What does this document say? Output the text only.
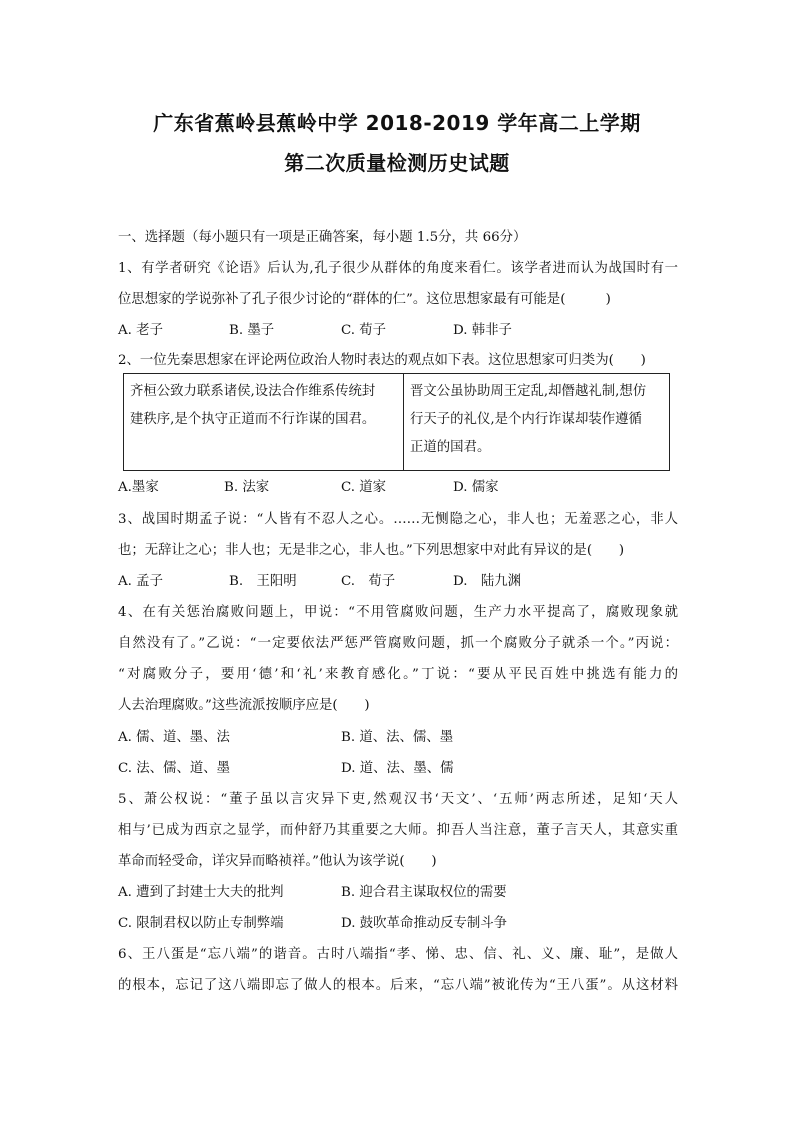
广东省蕉岭县蕉岭中学 2018-2019 学年高二上学期
第二次质量检测历史试题
一、选择题（每小题只有一项是正确答案，每小题 1.5分，共 66分）
1、有学者研究《论语》后认为,孔子很少从群体的角度来看仁。该学者进而认为战国时有一
位思想家的学说弥补了孔子很少讨论的“群体的仁”。这位思想家最有可能是(　　　)
A. 老子	B. 墨子	C. 荀子	D. 韩非子
2、一位先秦思想家在评论两位政治人物时表达的观点如下表。这位思想家可归类为(　　)
齐桓公致力联系诸侯,设法合作维系传统封
建秩序,是个执守正道而不行诈谋的国君。

晋文公虽协助周王定乱,却僭越礼制,想仿
行天子的礼仪,是个内行诈谋却装作遵循
正道的国君。
A.墨家	B. 法家	C. 道家	D. 儒家
3、战国时期孟子说：“人皆有不忍人之心。……无恻隐之心，非人也；无羞恶之心，非人
也；无辞让之心；非人也；无是非之心，非人也。”下列思想家中对此有异议的是(　　)
A. 孟子	B.　王阳明	C.　荀子	D.　陆九渊
4、在有关惩治腐败问题上，甲说：“不用管腐败问题，生产力水平提高了，腐败现象就
自然没有了。”乙说：“一定要依法严惩严管腐败问题，抓一个腐败分子就杀一个。”丙说：
“对腐败分子，要用‘德’和‘礼’来教育感化。”丁说：“要从平民百姓中挑选有能力的
人去治理腐败。”这些流派按顺序应是(　　)
A. 儒、道、墨、法	B. 道、法、儒、墨
C. 法、儒、道、墨	D. 道、法、墨、儒
5、萧公权说：“董子虽以言灾异下吏,然观汉书‘天文’、‘五师’两志所述，足知‘天人
相与’已成为西京之显学，而仲舒乃其重要之大师。抑吾人当注意，董子言天人，其意实重
革命而轻受命，详灾异而略祯祥。”他认为该学说(　　)
A. 遭到了封建士大夫的批判	B. 迎合君主谋取权位的需要
C. 限制君权以防止专制弊端	D. 鼓吹革命推动反专制斗争
6、王八蛋是“忘八端”的谐音。古时八端指“孝、悌、忠、信、礼、义、廉、耻”，是做人
的根本，忘记了这八端即忘了做人的根本。后来，“忘八端”被讹传为“王八蛋”。从这材料
